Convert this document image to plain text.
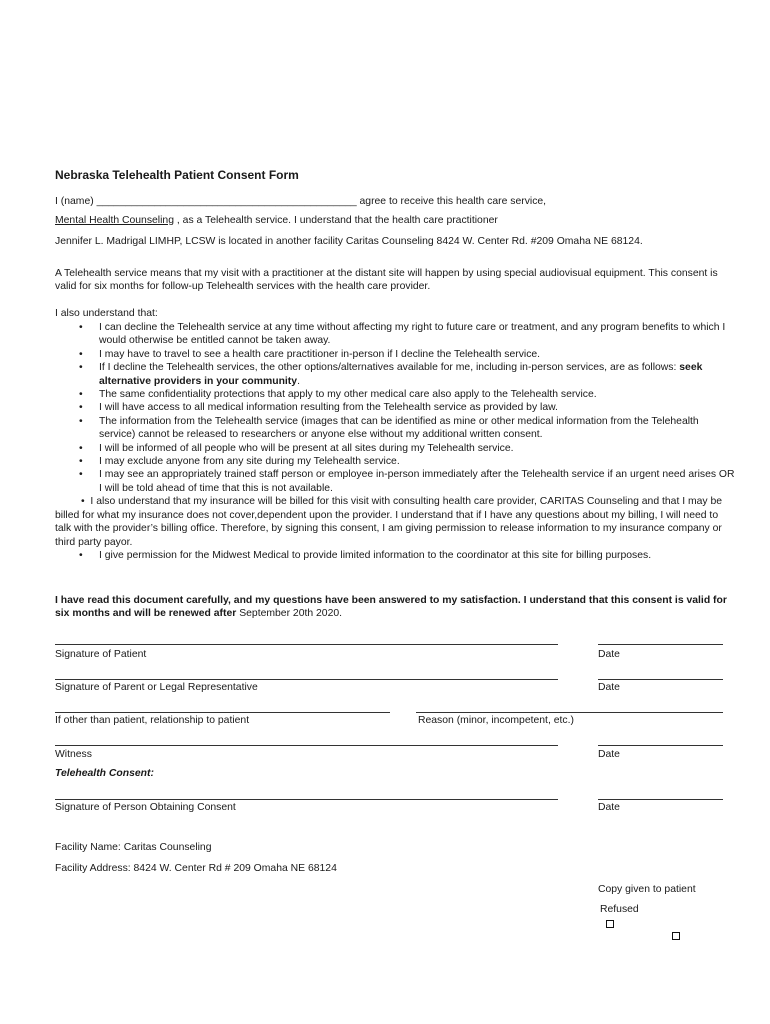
Nebraska Telehealth Patient Consent Form
I (name) _____________________________________________ agree to receive this health care service,
Mental Health Counseling , as a Telehealth service. I understand that the health care practitioner
Jennifer L. Madrigal LIMHP, LCSW is located in another facility Caritas Counseling 8424 W. Center Rd. #209 Omaha NE 68124.
A Telehealth service means that my visit with a practitioner at the distant site will happen by using special audiovisual equipment. This consent is valid for six months for follow-up Telehealth services with the health care provider.
I also understand that:
• I can decline the Telehealth service at any time without affecting my right to future care or treatment, and any program benefits to which I would otherwise be entitled cannot be taken away.
• I may have to travel to see a health care practitioner in-person if I decline the Telehealth service.
• If I decline the Telehealth services, the other options/alternatives available for me, including in-person services, are as follows: seek alternative providers in your community.
• The same confidentiality protections that apply to my other medical care also apply to the Telehealth service.
• I will have access to all medical information resulting from the Telehealth service as provided by law.
• The information from the Telehealth service (images that can be identified as mine or other medical information from the Telehealth service) cannot be released to researchers or anyone else without my additional written consent.
• I will be informed of all people who will be present at all sites during my Telehealth service.
• I may exclude anyone from any site during my Telehealth service.
• I may see an appropriately trained staff person or employee in-person immediately after the Telehealth service if an urgent need arises OR I will be told ahead of time that this is not available.
• I also understand that my insurance will be billed for this visit with consulting health care provider, CARITAS Counseling and that I may be billed for what my insurance does not cover,dependent upon the provider. I understand that if I have any questions about my billing, I will need to talk with the provider’s billing office. Therefore, by signing this consent, I am giving permission to release information to my insurance company or third party payor.
• I give permission for the Midwest Medical to provide limited information to the coordinator at this site for billing purposes.
I have read this document carefully, and my questions have been answered to my satisfaction. I understand that this consent is valid for six months and will be renewed after September 20th 2020.
Signature of Patient	Date
Signature of Parent or Legal Representative	Date
If other than patient, relationship to patient	Reason (minor, incompetent, etc.)
Witness	Date
Telehealth Consent:
Signature of Person Obtaining Consent	Date
Facility Name: Caritas Counseling
Facility Address: 8424 W. Center Rd # 209 Omaha NE 68124
Copy given to patient
Refused
